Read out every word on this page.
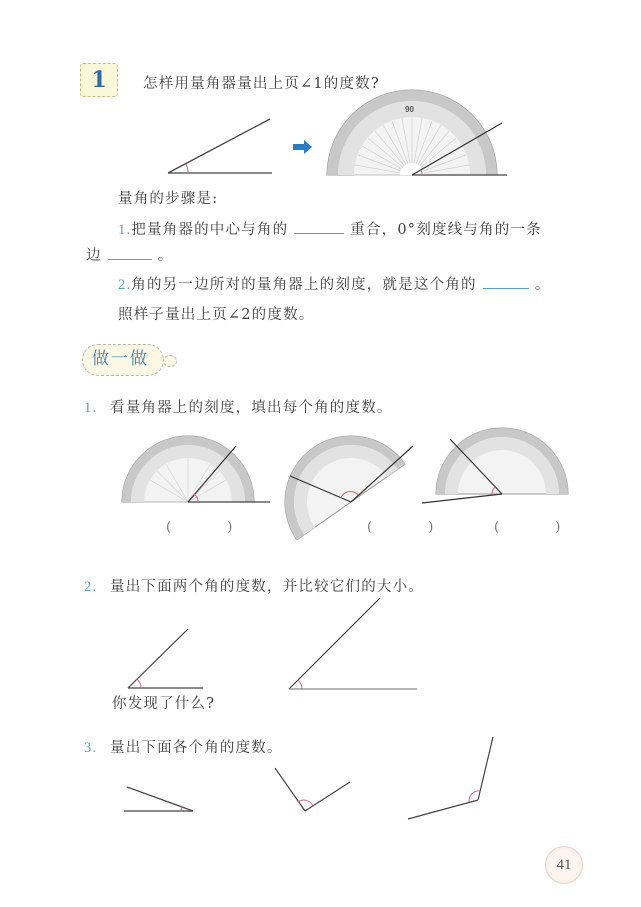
1	怎样用量角器量出上页∠1的度数?
90
量角的步骤是:
1.把量角器的中心与角的	重合，0°刻度线与角的一条
边	。
2.角的另一边所对的量角器上的刻度，就是这个角的	。
照样子量出上页∠2的度数。
做一做
1. 看量角器上的刻度，填出每个角的度数。
( )	( )	( )
2. 量出下面两个角的度数，并比较它们的大小。
你发现了什么?
3. 量出下面各个角的度数。
41
